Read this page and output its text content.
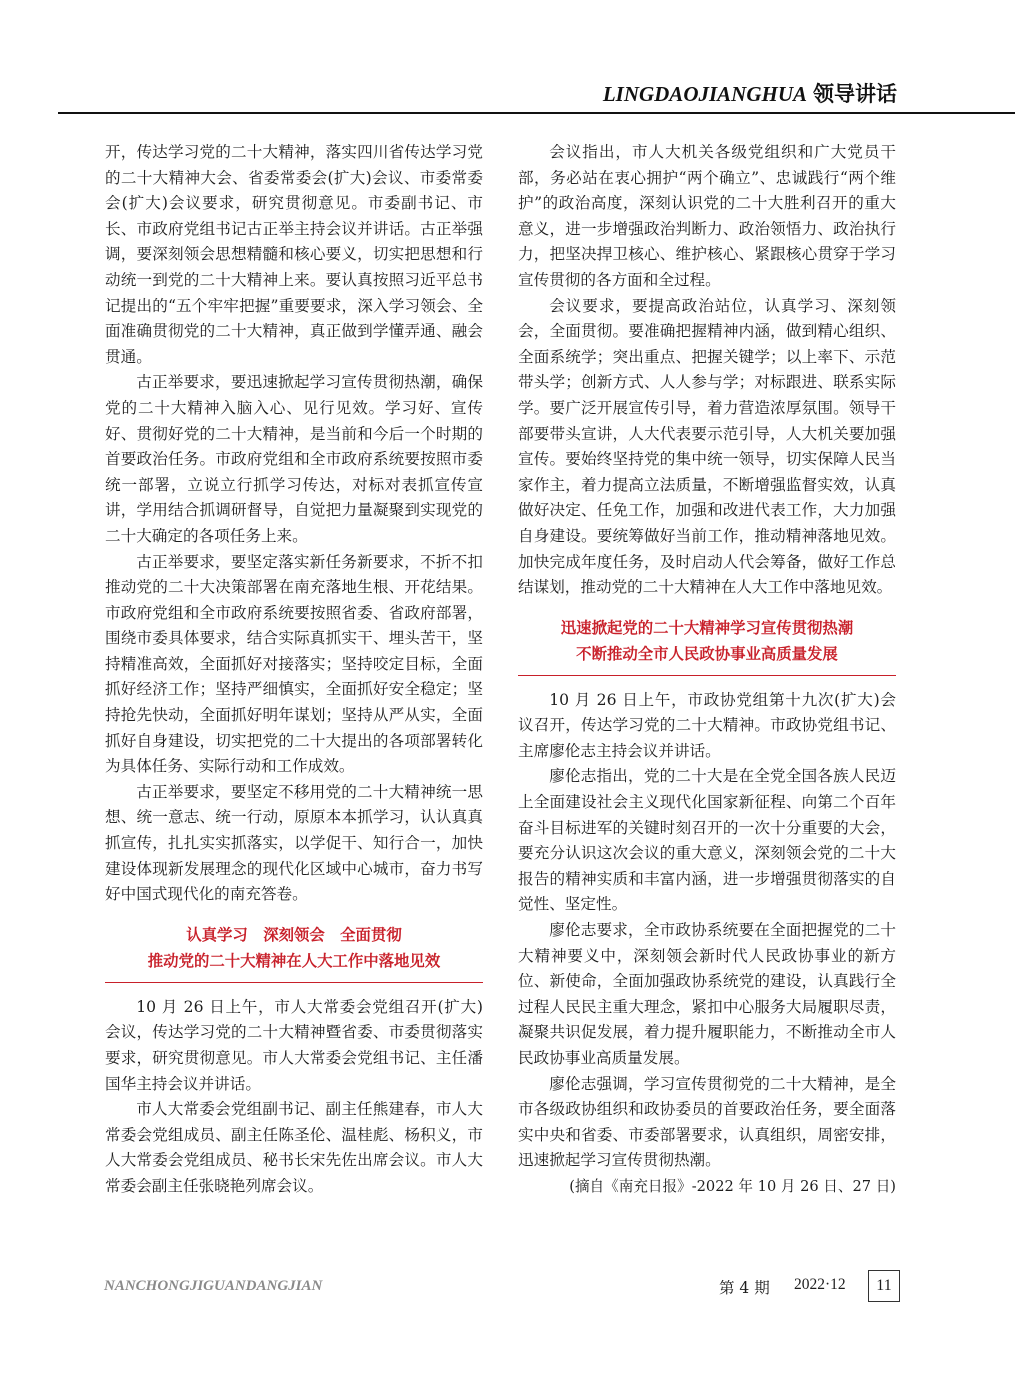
LINGDAOJIANGHUA 领导讲话

开，传达学习党的二十大精神，落实四川省传达学习党的二十大精神大会、省委常委会(扩大)会议、市委常委会(扩大)会议要求，研究贯彻意见。市委副书记、市长、市政府党组书记古正举主持会议并讲话。古正举强调，要深刻领会思想精髓和核心要义，切实把思想和行动统一到党的二十大精神上来。要认真按照习近平总书记提出的“五个牢牢把握”重要要求，深入学习领会、全面准确贯彻党的二十大精神，真正做到学懂弄通、融会贯通。

古正举要求，要迅速掀起学习宣传贯彻热潮，确保党的二十大精神入脑入心、见行见效。学习好、宣传好、贯彻好党的二十大精神，是当前和今后一个时期的首要政治任务。市政府党组和全市政府系统要按照市委统一部署，立说立行抓学习传达，对标对表抓宣传宣讲，学用结合抓调研督导，自觉把力量凝聚到实现党的二十大确定的各项任务上来。

古正举要求，要坚定落实新任务新要求，不折不扣推动党的二十大决策部署在南充落地生根、开花结果。市政府党组和全市政府系统要按照省委、省政府部署，围绕市委具体要求，结合实际真抓实干、埋头苦干，坚持精准高效，全面抓好对接落实；坚持咬定目标，全面抓好经济工作；坚持严细慎实，全面抓好安全稳定；坚持抢先快动，全面抓好明年谋划；坚持从严从实，全面抓好自身建设，切实把党的二十大提出的各项部署转化为具体任务、实际行动和工作成效。

古正举要求，要坚定不移用党的二十大精神统一思想、统一意志、统一行动，原原本本抓学习，认认真真抓宣传，扎扎实实抓落实，以学促干、知行合一，加快建设体现新发展理念的现代化区域中心城市，奋力书写好中国式现代化的南充答卷。

认真学习　深刻领会　全面贯彻
推动党的二十大精神在人大工作中落地见效

10 月 26 日上午，市人大常委会党组召开(扩大)会议，传达学习党的二十大精神暨省委、市委贯彻落实要求，研究贯彻意见。市人大常委会党组书记、主任潘国华主持会议并讲话。

市人大常委会党组副书记、副主任熊建春，市人大常委会党组成员、副主任陈圣伦、温桂彪、杨积义，市人大常委会党组成员、秘书长宋先佐出席会议。市人大常委会副主任张晓艳列席会议。

会议指出，市人大机关各级党组织和广大党员干部，务必站在衷心拥护“两个确立”、忠诚践行“两个维护”的政治高度，深刻认识党的二十大胜利召开的重大意义，进一步增强政治判断力、政治领悟力、政治执行力，把坚决捍卫核心、维护核心、紧跟核心贯穿于学习宣传贯彻的各方面和全过程。

会议要求，要提高政治站位，认真学习、深刻领会，全面贯彻。要准确把握精神内涵，做到精心组织、全面系统学；突出重点、把握关键学；以上率下、示范带头学；创新方式、人人参与学；对标跟进、联系实际学。要广泛开展宣传引导，着力营造浓厚氛围。领导干部要带头宣讲，人大代表要示范引导，人大机关要加强宣传。要始终坚持党的集中统一领导，切实保障人民当家作主，着力提高立法质量，不断增强监督实效，认真做好决定、任免工作，加强和改进代表工作，大力加强自身建设。要统筹做好当前工作，推动精神落地见效。加快完成年度任务，及时启动人代会筹备，做好工作总结谋划，推动党的二十大精神在人大工作中落地见效。

迅速掀起党的二十大精神学习宣传贯彻热潮
不断推动全市人民政协事业高质量发展

10 月 26 日上午，市政协党组第十九次(扩大)会议召开，传达学习党的二十大精神。市政协党组书记、主席廖伦志主持会议并讲话。

廖伦志指出，党的二十大是在全党全国各族人民迈上全面建设社会主义现代化国家新征程、向第二个百年奋斗目标进军的关键时刻召开的一次十分重要的大会，要充分认识这次会议的重大意义，深刻领会党的二十大报告的精神实质和丰富内涵，进一步增强贯彻落实的自觉性、坚定性。

廖伦志要求，全市政协系统要在全面把握党的二十大精神要义中，深刻领会新时代人民政协事业的新方位、新使命，全面加强政协系统党的建设，认真践行全过程人民民主重大理念，紧扣中心服务大局履职尽责，凝聚共识促发展，着力提升履职能力，不断推动全市人民政协事业高质量发展。

廖伦志强调，学习宣传贯彻党的二十大精神，是全市各级政协组织和政协委员的首要政治任务，要全面落实中央和省委、市委部署要求，认真组织，周密安排，迅速掀起学习宣传贯彻热潮。

(摘自《南充日报》-2022 年 10 月 26 日、27 日)

NANCHONGJIGUANDANGJIAN	第 4 期 2022·12	11
